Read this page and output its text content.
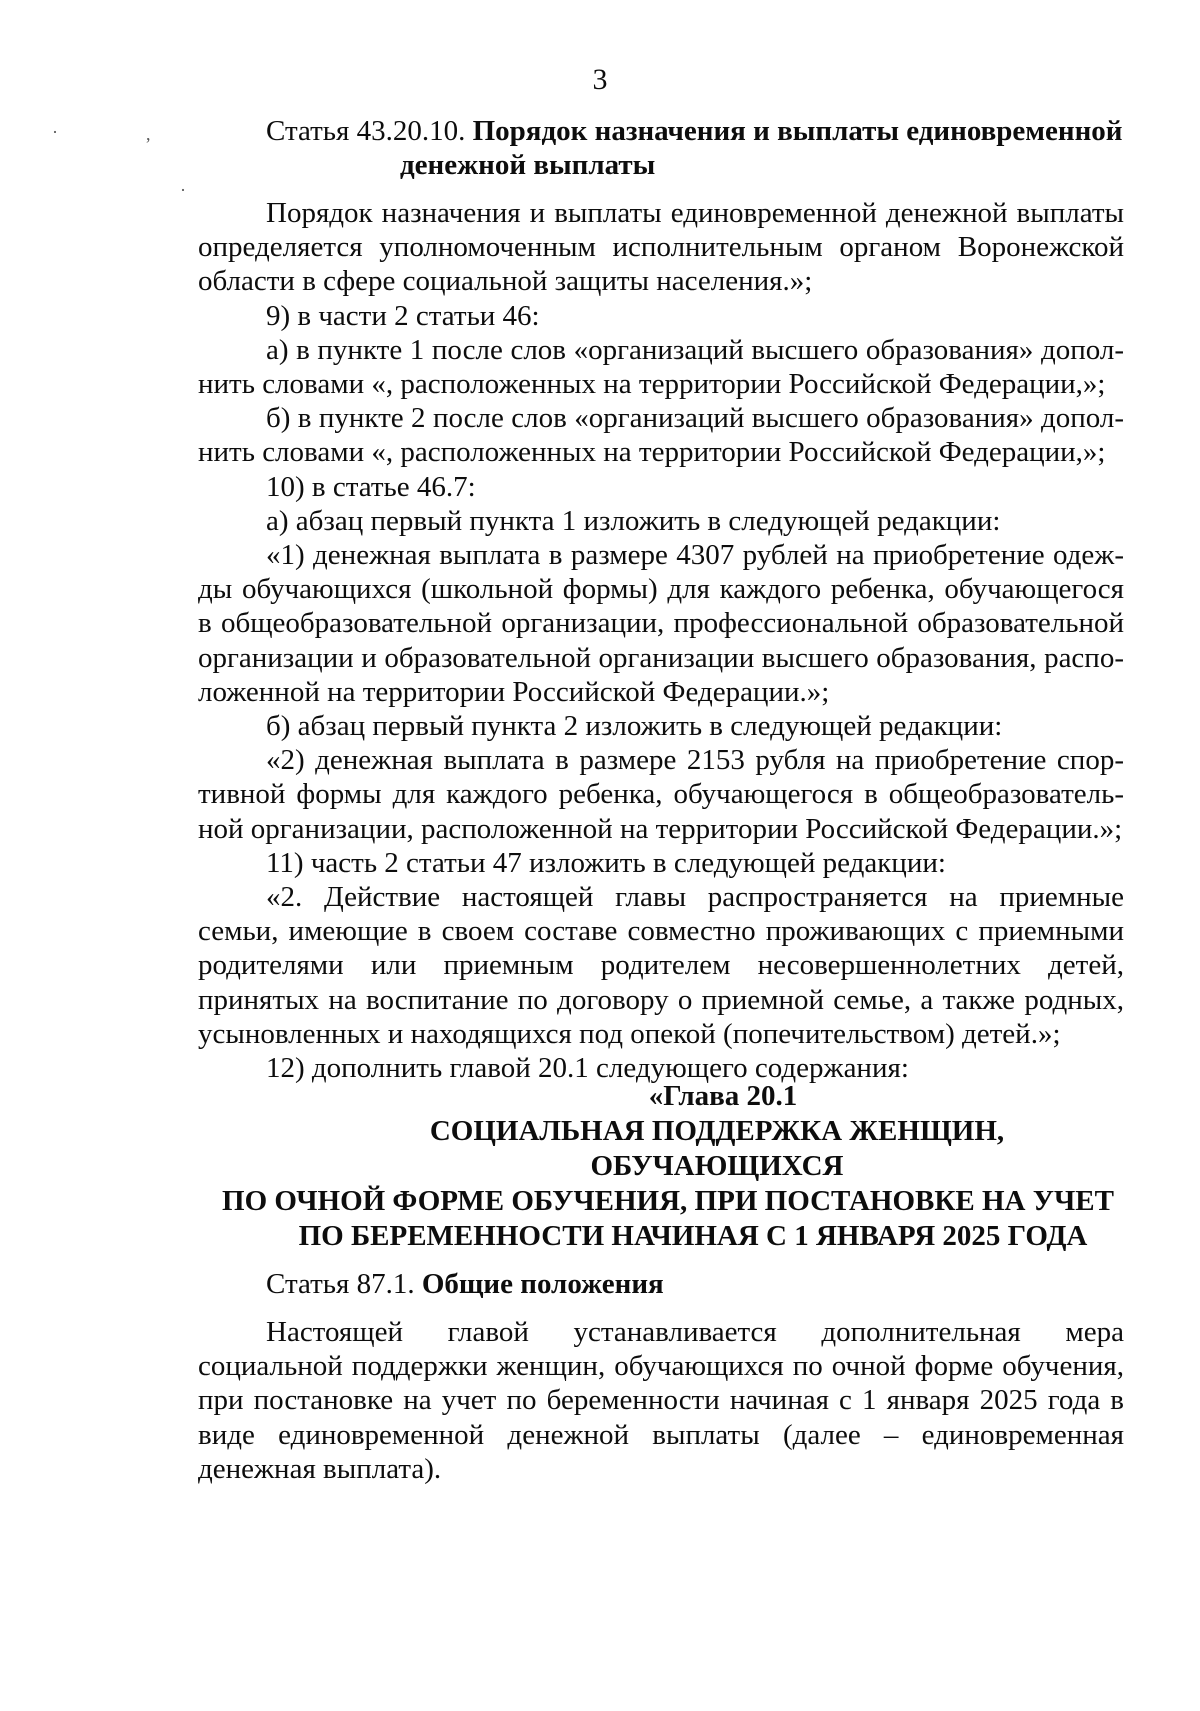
3
·	,
·
Статья 43.20.10. Порядок назначения и выплаты единовременной
денежной выплаты

Порядок назначения и выплаты единовременной денежной выплаты определяется уполномоченным исполнительным органом Воронежской области в сфере социальной защиты населения.»;

9) в части 2 статьи 46:

а) в пункте 1 после слов «организаций высшего образования» дополнить словами «, расположенных на территории Российской Федерации,»;

б) в пункте 2 после слов «организаций высшего образования» дополнить словами «, расположенных на территории Российской Федерации,»;

10) в статье 46.7:

а) абзац первый пункта 1 изложить в следующей редакции:

«1) денежная выплата в размере 4307 рублей на приобретение одежды обучающихся (школьной формы) для каждого ребенка, обучающегося в общеобразовательной организации, профессиональной образовательной организации и образовательной организации высшего образования, расположенной на территории Российской Федерации.»;

б) абзац первый пункта 2 изложить в следующей редакции:

«2) денежная выплата в размере 2153 рубля на приобретение спортивной формы для каждого ребенка, обучающегося в общеобразовательной организации, расположенной на территории Российской Федерации.»;

11) часть 2 статьи 47 изложить в следующей редакции:

«2. Действие настоящей главы распространяется на приемные семьи, имеющие в своем составе совместно проживающих с приемными родителями или приемным родителем несовершеннолетних детей, принятых на воспитание по договору о приемной семье, а также родных, усыновленных и находящихся под опекой (попечительством) детей.»;

12) дополнить главой 20.1 следующего содержания:

«Глава 20.1
СОЦИАЛЬНАЯ ПОДДЕРЖКА ЖЕНЩИН, ОБУЧАЮЩИХСЯ
ПО ОЧНОЙ ФОРМЕ ОБУЧЕНИЯ, ПРИ ПОСТАНОВКЕ НА УЧЕТ
ПО БЕРЕМЕННОСТИ НАЧИНАЯ С 1 ЯНВАРЯ 2025 ГОДА
Статья 87.1. Общие положения

Настоящей главой устанавливается дополнительная мера социальной поддержки женщин, обучающихся по очной форме обучения, при постановке на учет по беременности начиная с 1 января 2025 года в виде единовременной денежной выплаты (далее – единовременная денежная выплата).
